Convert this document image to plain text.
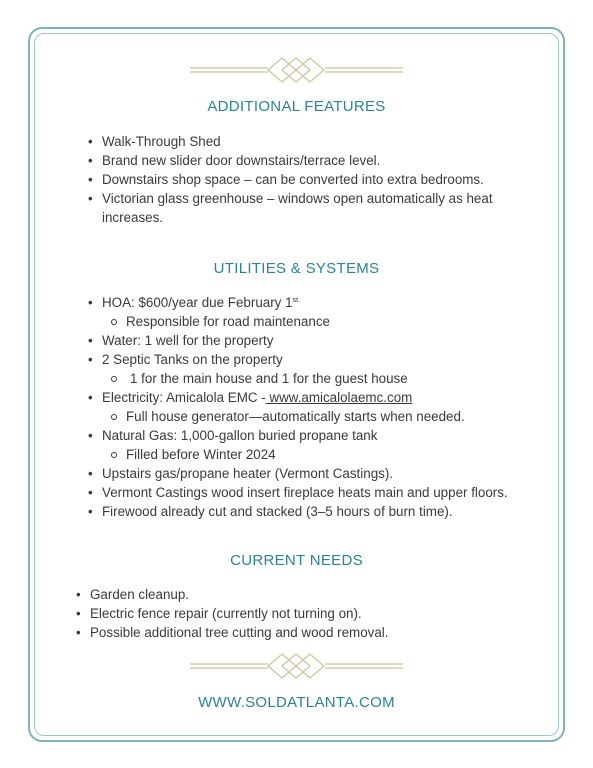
ADDITIONAL FEATURES
• Walk-Through Shed
• Brand new slider door downstairs/terrace level.
• Downstairs shop space – can be converted into extra bedrooms.
• Victorian glass greenhouse – windows open automatically as heat increases.
UTILITIES & SYSTEMS
• HOA: $600/year due February $1^{st.}$
Responsible for road maintenance
• Water: 1 well for the property
• 2 Septic Tanks on the property
1 for the main house and 1 for the guest house
• Electricity: Amicalola EMC - www.amicalolaemc.com
Full house generator—automatically starts when needed.
• Natural Gas: 1,000-gallon buried propane tank
Filled before Winter 2024
• Upstairs gas/propane heater (Vermont Castings).
• Vermont Castings wood insert fireplace heats main and upper floors.
• Firewood already cut and stacked (3–5 hours of burn time).
CURRENT NEEDS
• Garden cleanup.
• Electric fence repair (currently not turning on).
• Possible additional tree cutting and wood removal.
WWW.SOLDATLANTA.COM
